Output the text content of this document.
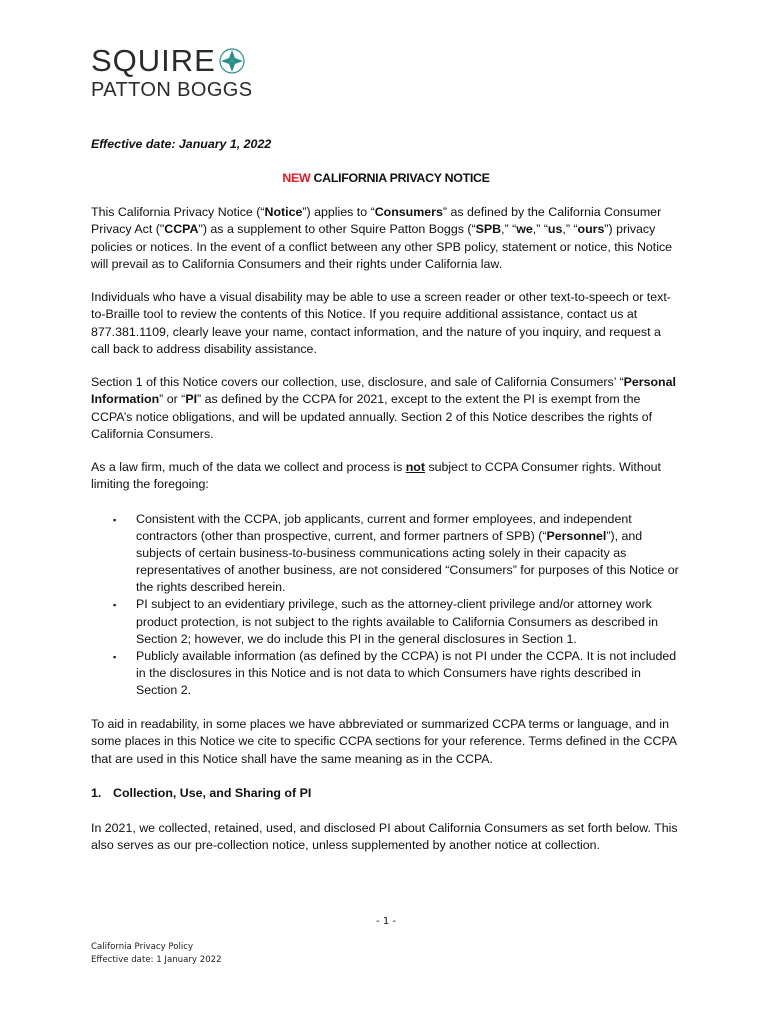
SQUIRE
PATTON BOGGS

Effective date: January 1, 2022

NEW CALIFORNIA PRIVACY NOTICE

This California Privacy Notice (“Notice”) applies to “Consumers” as defined by the California Consumer Privacy Act ("CCPA") as a supplement to other Squire Patton Boggs (“SPB,” “we,” “us,” “ours”) privacy policies or notices. In the event of a conflict between any other SPB policy, statement or notice, this Notice will prevail as to California Consumers and their rights under California law.

Individuals who have a visual disability may be able to use a screen reader or other text-to-speech or text-to-Braille tool to review the contents of this Notice. If you require additional assistance, contact us at 877.381.1109, clearly leave your name, contact information, and the nature of you inquiry, and request a call back to address disability assistance.

Section 1 of this Notice covers our collection, use, disclosure, and sale of California Consumers’ “Personal Information” or “PI” as defined by the CCPA for 2021, except to the extent the PI is exempt from the CCPA’s notice obligations, and will be updated annually. Section 2 of this Notice describes the rights of California Consumers.

As a law firm, much of the data we collect and process is not subject to CCPA Consumer rights. Without limiting the foregoing:

▪ Consistent with the CCPA, job applicants, current and former employees, and independent contractors (other than prospective, current, and former partners of SPB) (“Personnel”), and subjects of certain business-to-business communications acting solely in their capacity as representatives of another business, are not considered “Consumers” for purposes of this Notice or the rights described herein.
▪ PI subject to an evidentiary privilege, such as the attorney-client privilege and/or attorney work product protection, is not subject to the rights available to California Consumers as described in Section 2; however, we do include this PI in the general disclosures in Section 1.
▪ Publicly available information (as defined by the CCPA) is not PI under the CCPA. It is not included in the disclosures in this Notice and is not data to which Consumers have rights described in Section 2.

To aid in readability, in some places we have abbreviated or summarized CCPA terms or language, and in some places in this Notice we cite to specific CCPA sections for your reference. Terms defined in the CCPA that are used in this Notice shall have the same meaning as in the CCPA.

1. Collection, Use, and Sharing of PI

In 2021, we collected, retained, used, and disclosed PI about California Consumers as set forth below. This also serves as our pre-collection notice, unless supplemented by another notice at collection.

- 1 -
California Privacy Policy
Effective date: 1 January 2022
